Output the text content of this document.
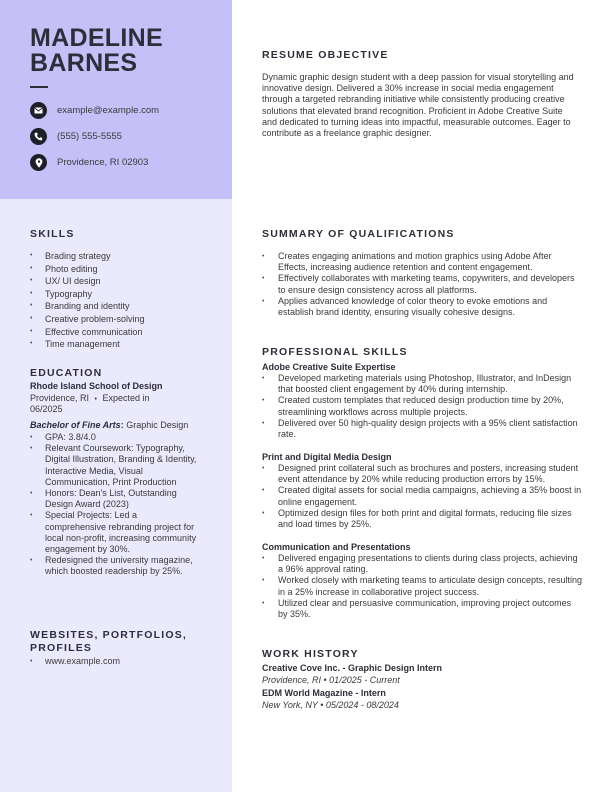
MADELINE
BARNES
example@example.com
(555) 555-5555
Providence, RI 02903
SKILLS
• Brading strategy
• Photo editing
• UX/ UI design
• Typography
• Branding and identity
• Creative problem-solving
• Effective communication
• Time management
EDUCATION
Rhode Island School of Design
Providence, RI • Expected in
06/2025
Bachelor of Fine Arts: Graphic Design
• GPA: 3.8/4.0
• Relevant Coursework: Typography, Digital Illustration, Branding & Identity, Interactive Media, Visual Communication, Print Production
• Honors: Dean's List, Outstanding Design Award (2023)
• Special Projects: Led a comprehensive rebranding project for local non-profit, increasing community engagement by 30%.
• Redesigned the university magazine, which boosted readership by 25%.
WEBSITES, PORTFOLIOS,
PROFILES
• www.example.com
RESUME OBJECTIVE
Dynamic graphic design student with a deep passion for visual storytelling and innovative design. Delivered a 30% increase in social media engagement through a targeted rebranding initiative while consistently producing creative solutions that elevated brand recognition. Proficient in Adobe Creative Suite and dedicated to turning ideas into impactful, measurable outcomes. Eager to contribute as a freelance graphic designer.
SUMMARY OF QUALIFICATIONS
• Creates engaging animations and motion graphics using Adobe After Effects, increasing audience retention and content engagement.
• Effectively collaborates with marketing teams, copywriters, and developers to ensure design consistency across all platforms.
• Applies advanced knowledge of color theory to evoke emotions and establish brand identity, ensuring visually cohesive designs.
PROFESSIONAL SKILLS
Adobe Creative Suite Expertise
• Developed marketing materials using Photoshop, Illustrator, and InDesign that boosted client engagement by 40% during internship.
• Created custom templates that reduced design production time by 20%, streamlining workflows across multiple projects.
• Delivered over 50 high-quality design projects with a 95% client satisfaction rate.
Print and Digital Media Design
• Designed print collateral such as brochures and posters, increasing student event attendance by 20% while reducing production errors by 15%.
• Created digital assets for social media campaigns, achieving a 35% boost in online engagement.
• Optimized design files for both print and digital formats, reducing file sizes and load times by 25%.
Communication and Presentations
• Delivered engaging presentations to clients during class projects, achieving a 96% approval rating.
• Worked closely with marketing teams to articulate design concepts, resulting in a 25% increase in collaborative project success.
• Utilized clear and persuasive communication, improving project outcomes by 35%.
WORK HISTORY
Creative Cove Inc. - Graphic Design Intern
Providence, RI • 01/2025 - Current
EDM World Magazine - Intern
New York, NY • 05/2024 - 08/2024
